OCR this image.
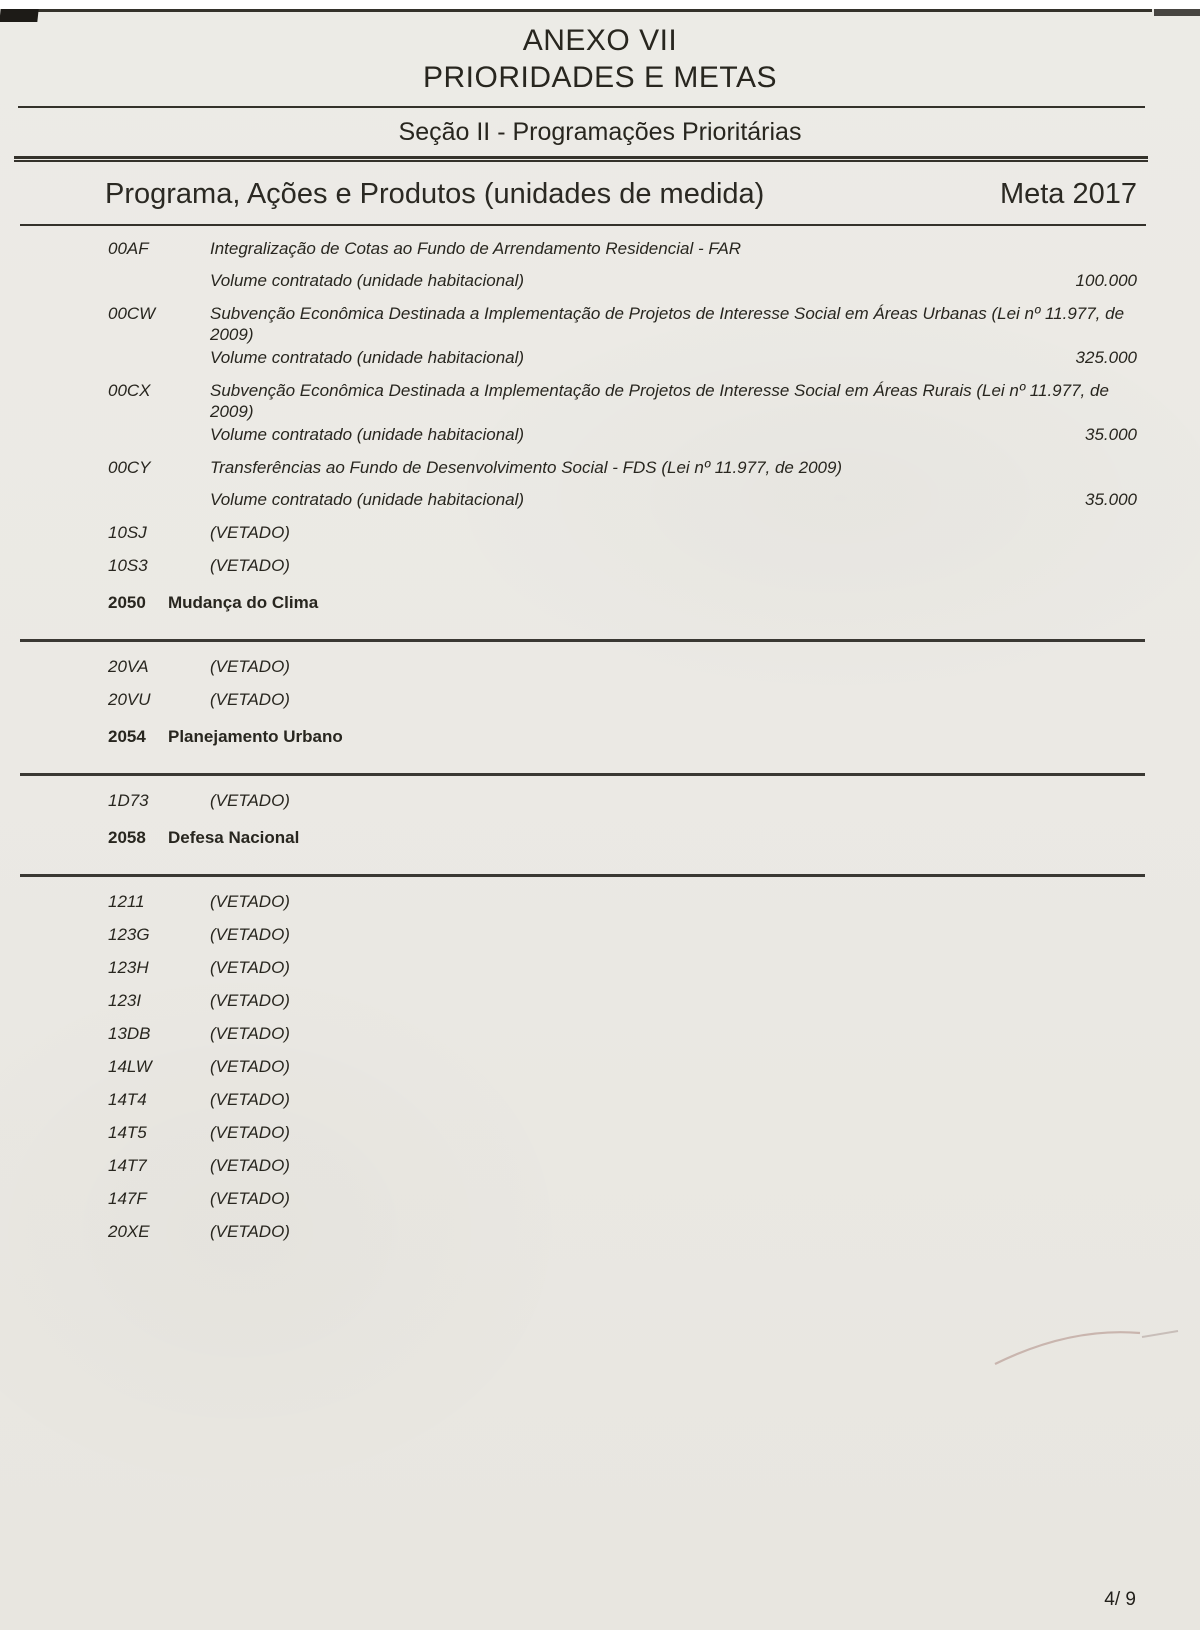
ANEXO VII
PRIORIDADES E METAS
Seção II - Programações Prioritárias
Programa, Ações e Produtos (unidades de medida)	Meta 2017
00AF	Integralização de Cotas ao Fundo de Arrendamento Residencial - FAR
Volume contratado (unidade habitacional)	100.000
00CW	Subvenção Econômica Destinada a Implementação de Projetos de Interesse Social em Áreas Urbanas (Lei nº 11.977, de 2009)
Volume contratado (unidade habitacional)	325.000
00CX	Subvenção Econômica Destinada a Implementação de Projetos de Interesse Social em Áreas Rurais (Lei nº 11.977, de 2009)
Volume contratado (unidade habitacional)	35.000
00CY	Transferências ao Fundo de Desenvolvimento Social - FDS (Lei nº 11.977, de 2009)
Volume contratado (unidade habitacional)	35.000
10SJ	(VETADO)
10S3	(VETADO)
2050	Mudança do Clima
20VA	(VETADO)
20VU	(VETADO)
2054	Planejamento Urbano
1D73	(VETADO)
2058	Defesa Nacional
1211	(VETADO)
123G	(VETADO)
123H	(VETADO)
123I	(VETADO)
13DB	(VETADO)
14LW	(VETADO)
14T4	(VETADO)
14T5	(VETADO)
14T7	(VETADO)
147F	(VETADO)
20XE	(VETADO)
4/ 9
